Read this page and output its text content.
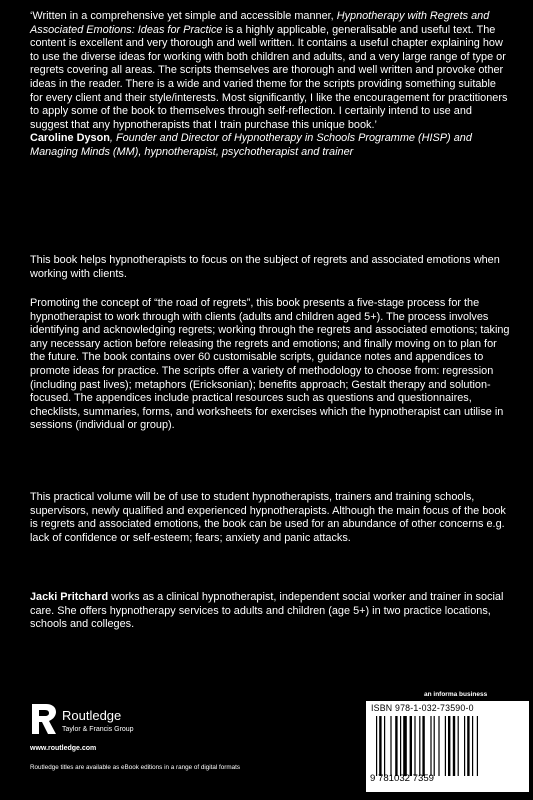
‘Written in a comprehensive yet simple and accessible manner, Hypnotherapy with Regrets and Associated Emotions: Ideas for Practice is a highly applicable, generalisable and useful text. The content is excellent and very thorough and well written. It contains a useful chapter explaining how to use the diverse ideas for working with both children and adults, and a very large range of type or regrets covering all areas. The scripts themselves are thorough and well written and provoke other ideas in the reader. There is a wide and varied theme for the scripts providing something suitable for every client and their style/interests. Most significantly, I like the encouragement for practitioners to apply some of the book to themselves through self-reflection. I certainly intend to use and suggest that any hypnotherapists that I train purchase this unique book.’

Caroline Dyson, Founder and Director of Hypnotherapy in Schools Programme (HISP) and Managing Minds (MM), hypnotherapist, psychotherapist and trainer

This book helps hypnotherapists to focus on the subject of regrets and associated emotions when working with clients.

Promoting the concept of “the road of regrets”, this book presents a five-stage process for the hypnotherapist to work through with clients (adults and children aged 5+). The process involves identifying and acknowledging regrets; working through the regrets and associated emotions; taking any necessary action before releasing the regrets and emotions; and finally moving on to plan for the future. The book contains over 60 customisable scripts, guidance notes and appendices to promote ideas for practice. The scripts offer a variety of methodology to choose from: regression (including past lives); metaphors (Ericksonian); benefits approach; Gestalt therapy and solution-focused. The appendices include practical resources such as questions and questionnaires, checklists, summaries, forms, and worksheets for exercises which the hypnotherapist can utilise in sessions (individual or group).

This practical volume will be of use to student hypnotherapists, trainers and training schools, supervisors, newly qualified and experienced hypnotherapists. Although the main focus of the book is regrets and associated emotions, the book can be used for an abundance of other concerns e.g. lack of confidence or self-esteem; fears; anxiety and panic attacks.

Jacki Pritchard works as a clinical hypnotherapist, independent social worker and trainer in social care. She offers hypnotherapy services to adults and children (age 5+) in two practice locations, schools and colleges.

Routledge
Taylor & Francis Group
www.routledge.com
Routledge titles are available as eBook editions in a range of digital formats
an informa business
ISBN 978-1-032-73590-0
9 781032 7359
